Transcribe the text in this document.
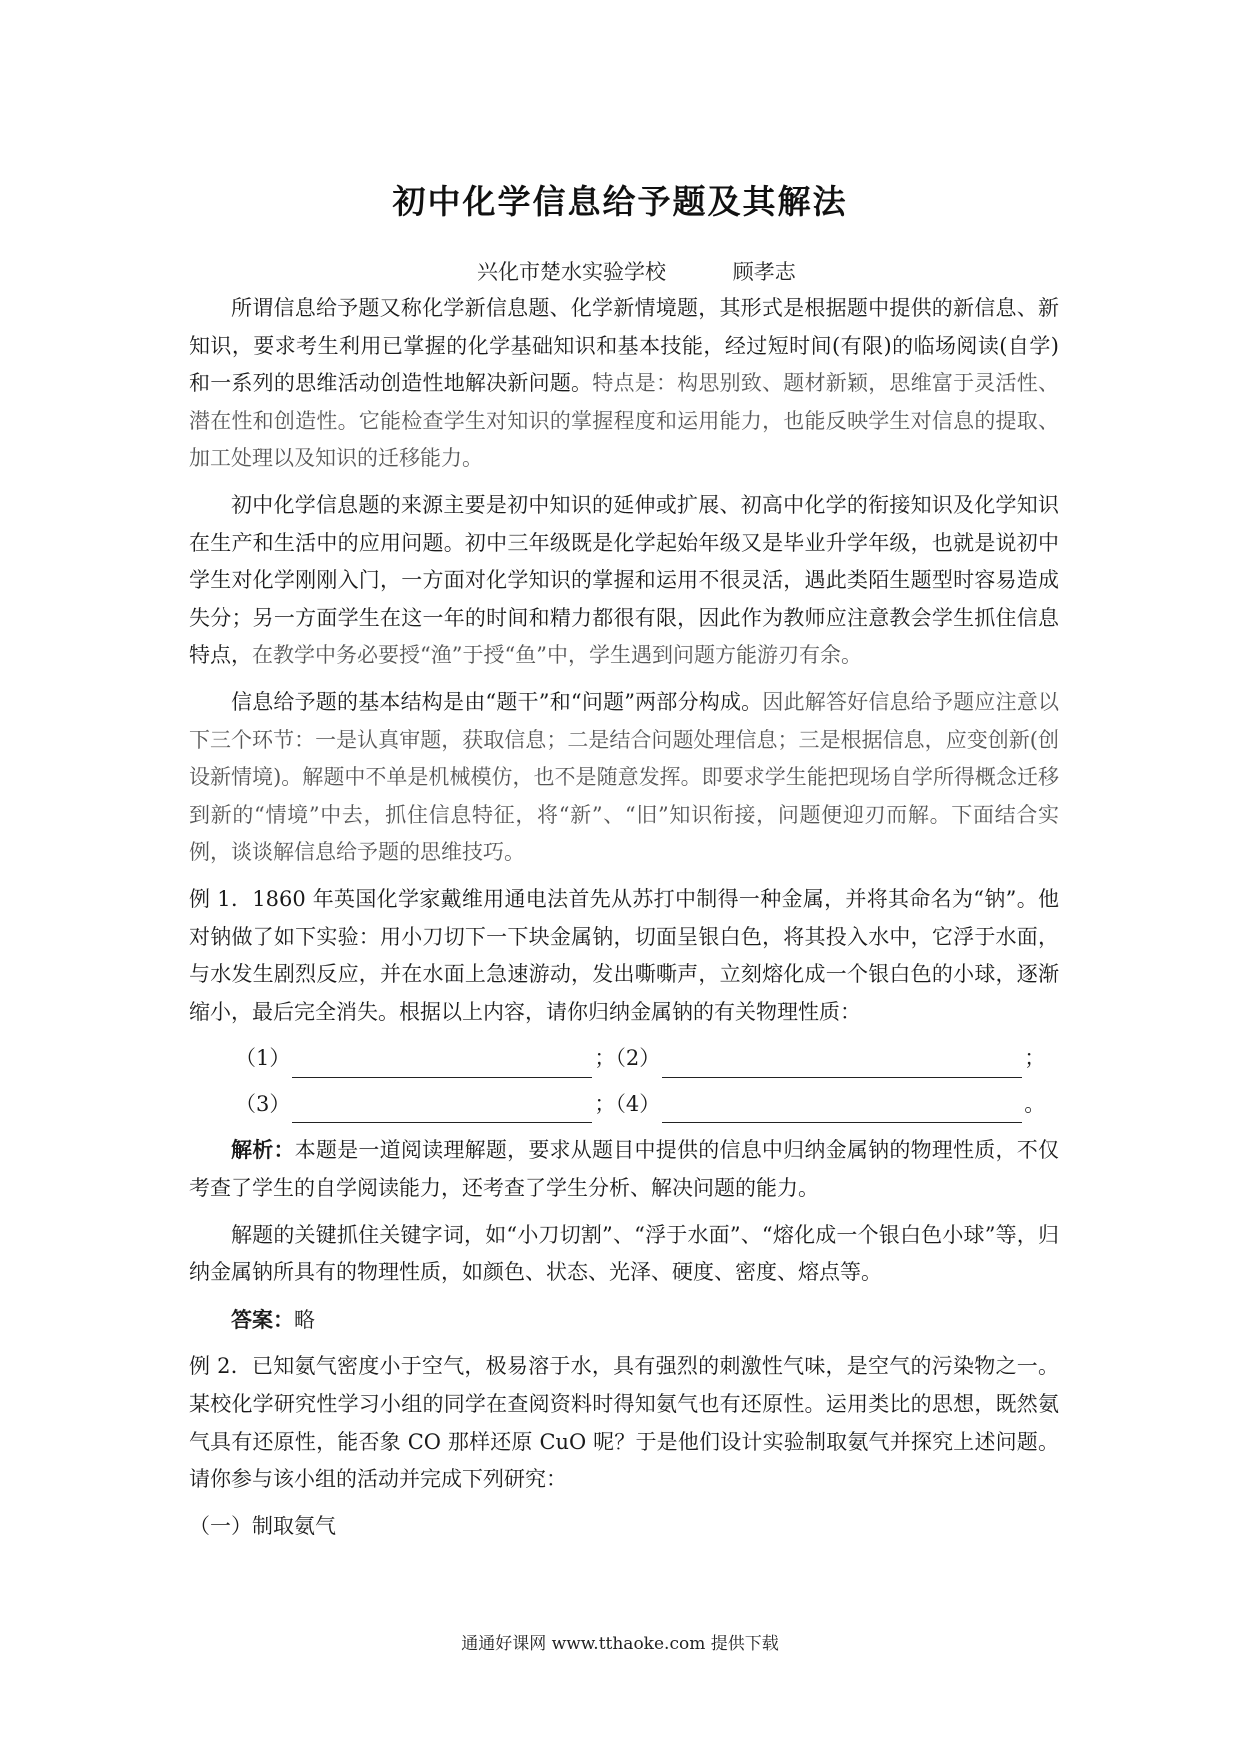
初中化学信息给予题及其解法
兴化市楚水实验学校	顾孝志

所谓信息给予题又称化学新信息题、化学新情境题，其形式是根据题中提供的新信息、新知识，要求考生利用已掌握的化学基础知识和基本技能，经过短时间(有限)的临场阅读(自学)和一系列的思维活动创造性地解决新问题。特点是：构思别致、题材新颖，思维富于灵活性、潜在性和创造性。它能检查学生对知识的掌握程度和运用能力，也能反映学生对信息的提取、加工处理以及知识的迁移能力。

初中化学信息题的来源主要是初中知识的延伸或扩展、初高中化学的衔接知识及化学知识在生产和生活中的应用问题。初中三年级既是化学起始年级又是毕业升学年级，也就是说初中学生对化学刚刚入门，一方面对化学知识的掌握和运用不很灵活，遇此类陌生题型时容易造成失分；另一方面学生在这一年的时间和精力都很有限，因此作为教师应注意教会学生抓住信息特点，在教学中务必要授“渔”于授“鱼”中，学生遇到问题方能游刃有余。

信息给予题的基本结构是由“题干”和“问题”两部分构成。因此解答好信息给予题应注意以下三个环节：一是认真审题，获取信息；二是结合问题处理信息；三是根据信息，应变创新(创设新情境)。解题中不单是机械模仿，也不是随意发挥。即要求学生能把现场自学所得概念迁移到新的“情境”中去，抓住信息特征，将“新”、“旧”知识衔接，问题便迎刃而解。下面结合实例，谈谈解信息给予题的思维技巧。

例 1．1860 年英国化学家戴维用通电法首先从苏打中制得一种金属，并将其命名为“钠”。他对钠做了如下实验：用小刀切下一下块金属钠，切面呈银白色，将其投入水中，它浮于水面，与水发生剧烈反应，并在水面上急速游动，发出嘶嘶声，立刻熔化成一个银白色的小球，逐渐缩小，最后完全消失。根据以上内容，请你归纳金属钠的有关物理性质：

（1）	；（2）	；
（3）	；（4）	。

解析：本题是一道阅读理解题，要求从题目中提供的信息中归纳金属钠的物理性质，不仅考查了学生的自学阅读能力，还考查了学生分析、解决问题的能力。

解题的关键抓住关键字词，如“小刀切割”、“浮于水面”、“熔化成一个银白色小球”等，归纳金属钠所具有的物理性质，如颜色、状态、光泽、硬度、密度、熔点等。

答案：略

例 2．已知氨气密度小于空气，极易溶于水，具有强烈的刺激性气味，是空气的污染物之一。某校化学研究性学习小组的同学在查阅资料时得知氨气也有还原性。运用类比的思想，既然氨气具有还原性，能否象 CO 那样还原 CuO 呢？于是他们设计实验制取氨气并探究上述问题。请你参与该小组的活动并完成下列研究：

（一）制取氨气

通通好课网 www.tthaoke.com 提供下载
